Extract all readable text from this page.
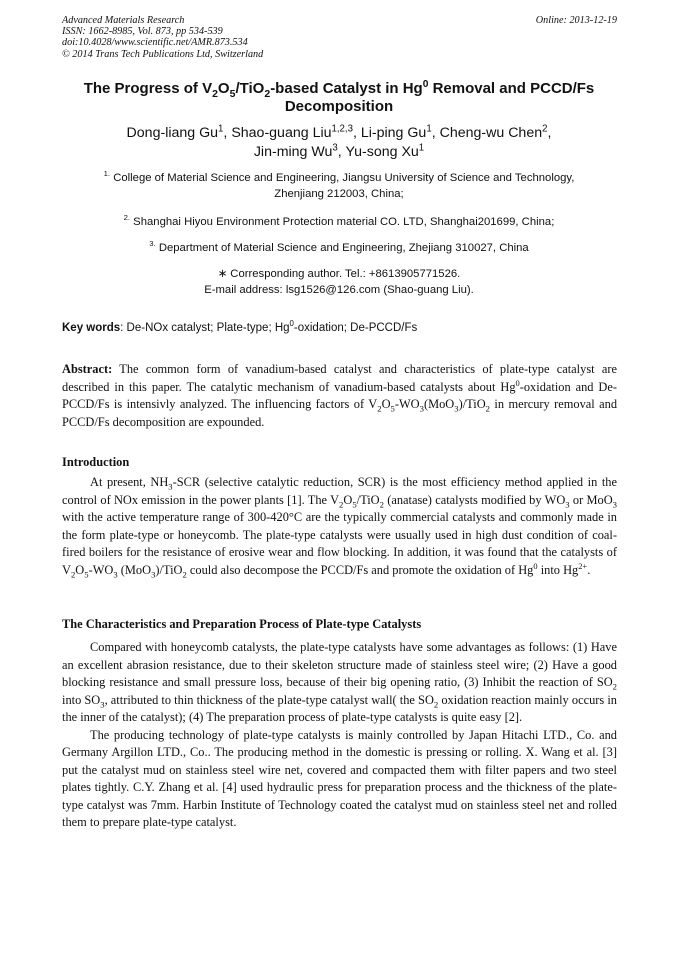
Advanced Materials Research
ISSN: 1662-8985, Vol. 873, pp 534-539
doi:10.4028/www.scientific.net/AMR.873.534
© 2014 Trans Tech Publications Ltd, Switzerland
Online: 2013-12-19
The Progress of $V_2O_5/TiO_2$-based Catalyst in Hg$^0$ Removal and PCCD/Fs
Decomposition
Dong-liang Gu$^1$, Shao-guang Liu$^{1,2,3}$, Li-ping Gu$^1$, Cheng-wu Chen$^2$,
Jin-ming Wu$^3$, Yu-song Xu$^1$
$^{1.}$ College of Material Science and Engineering, Jiangsu University of Science and Technology,
Zhenjiang 212003, China;
$^{2.}$ Shanghai Hiyou Environment Protection material CO. LTD, Shanghai201699, China;
$^{3.}$ Department of Material Science and Engineering, Zhejiang 310027, China
∗ Corresponding author. Tel.: +8613905771526.
E-mail address: lsg1526@126.com (Shao-guang Liu).
Key words: De-NOx catalyst; Plate-type; Hg$^0$-oxidation; De-PCCD/Fs

Abstract: The common form of vanadium-based catalyst and characteristics of plate-type catalyst are described in this paper. The catalytic mechanism of vanadium-based catalysts about Hg$^0$-oxidation and De-PCCD/Fs is intensivly analyzed. The influencing factors of $V_2O_5-WO_3(MoO_3)/TiO_2$ in mercury removal and PCCD/Fs decomposition are expounded.

Introduction

At present, $NH_3$-SCR (selective catalytic reduction, SCR) is the most efficiency method applied in the control of NOx emission in the power plants [1]. The $V_2O_5/TiO_2$ (anatase) catalysts modified by $WO_3$ or MoO$_3$ with the active temperature range of 300-420°C are the typically commercial catalysts and commonly made in the form plate-type or honeycomb. The plate-type catalysts were usually used in high dust condition of coal-fired boilers for the resistance of erosive wear and flow blocking. In addition, it was found that the catalysts of $V_2O_5-WO_3$ (MoO$_3$)/TiO$_2$ could also decompose the PCCD/Fs and promote the oxidation of Hg$^0$ into $Hg^{2+}$.

The Characteristics and Preparation Process of Plate-type Catalysts

Compared with honeycomb catalysts, the plate-type catalysts have some advantages as follows: (1) Have an excellent abrasion resistance, due to their skeleton structure made of stainless steel wire; (2) Have a good blocking resistance and small pressure loss, because of their big opening ratio, (3) Inhibit the reaction of $SO_2$ into $SO_3$, attributed to thin thickness of the plate-type catalyst wall( the $SO_2$ oxidation reaction mainly occurs in the inner of the catalyst); (4) The preparation process of plate-type catalysts is quite easy [2].

The producing technology of plate-type catalysts is mainly controlled by Japan Hitachi LTD., Co. and Germany Argillon LTD., Co.. The producing method in the domestic is pressing or rolling. X. Wang et al. [3] put the catalyst mud on stainless steel wire net, covered and compacted them with filter papers and two steel plates tightly. C.Y. Zhang et al. [4] used hydraulic press for preparation process and the thickness of the plate-type catalyst was 7mm. Harbin Institute of Technology coated the catalyst mud on stainless steel net and rolled them to prepare plate-type catalyst.
